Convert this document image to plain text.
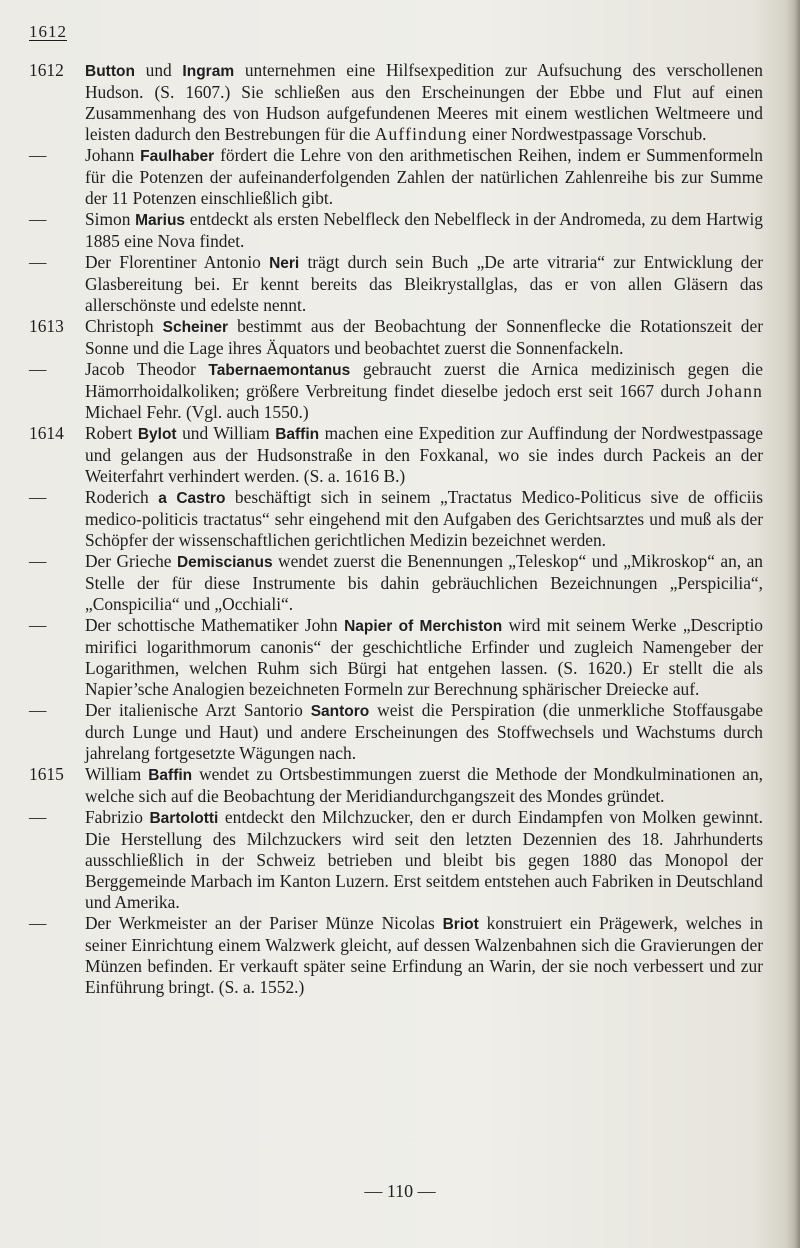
1612
1612	Button und Ingram unternehmen eine Hilfsexpedition zur Aufsuchung des verschollenen Hudson. (S. 1607.) Sie schließen aus den Erscheinungen der Ebbe und Flut auf einen Zusammenhang des von Hudson aufgefundenen Meeres mit einem westlichen Weltmeere und leisten dadurch den Bestrebungen für die Auffindung einer Nordwestpassage Vorschub.
—	Johann Faulhaber fördert die Lehre von den arithmetischen Reihen, indem er Summenformeln für die Potenzen der aufeinanderfolgenden Zahlen der natürlichen Zahlenreihe bis zur Summe der 11 Potenzen einschließlich gibt.
—	Simon Marius entdeckt als ersten Nebelfleck den Nebelfleck in der Andromeda, zu dem Hartwig 1885 eine Nova findet.
—	Der Florentiner Antonio Neri trägt durch sein Buch „De arte vitraria“ zur Entwicklung der Glasbereitung bei. Er kennt bereits das Bleikrystallglas, das er von allen Gläsern das allerschönste und edelste nennt.
1613	Christoph Scheiner bestimmt aus der Beobachtung der Sonnenflecke die Rotationszeit der Sonne und die Lage ihres Äquators und beobachtet zuerst die Sonnenfackeln.
—	Jacob Theodor Tabernaemontanus gebraucht zuerst die Arnica medizinisch gegen die Hämorrhoidalkoliken; größere Verbreitung findet dieselbe jedoch erst seit 1667 durch Johann Michael Fehr. (Vgl. auch 1550.)
1614	Robert Bylot und William Baffin machen eine Expedition zur Auffindung der Nordwestpassage und gelangen aus der Hudsonstraße in den Foxkanal, wo sie indes durch Packeis an der Weiterfahrt verhindert werden. (S. a. 1616 B.)
—	Roderich a Castro beschäftigt sich in seinem „Tractatus Medico-Politicus sive de officiis medico-politicis tractatus“ sehr eingehend mit den Aufgaben des Gerichtsarztes und muß als der Schöpfer der wissenschaftlichen gerichtlichen Medizin bezeichnet werden.
—	Der Grieche Demiscianus wendet zuerst die Benennungen „Teleskop“ und „Mikroskop“ an, an Stelle der für diese Instrumente bis dahin gebräuchlichen Bezeichnungen „Perspicilia“, „Conspicilia“ und „Occhiali“.
—	Der schottische Mathematiker John Napier of Merchiston wird mit seinem Werke „Descriptio mirifici logarithmorum canonis“ der geschichtliche Erfinder und zugleich Namengeber der Logarithmen, welchen Ruhm sich Bürgi hat entgehen lassen. (S. 1620.) Er stellt die als Napier’sche Analogien bezeichneten Formeln zur Berechnung sphärischer Dreiecke auf.
—	Der italienische Arzt Santorio Santoro weist die Perspiration (die unmerkliche Stoffausgabe durch Lunge und Haut) und andere Erscheinungen des Stoffwechsels und Wachstums durch jahrelang fortgesetzte Wägungen nach.
1615	William Baffin wendet zu Ortsbestimmungen zuerst die Methode der Mondkulminationen an, welche sich auf die Beobachtung der Meridiandurchgangszeit des Mondes gründet.
—	Fabrizio Bartolotti entdeckt den Milchzucker, den er durch Eindampfen von Molken gewinnt. Die Herstellung des Milchzuckers wird seit den letzten Dezennien des 18. Jahrhunderts ausschließlich in der Schweiz betrieben und bleibt bis gegen 1880 das Monopol der Berggemeinde Marbach im Kanton Luzern. Erst seitdem entstehen auch Fabriken in Deutschland und Amerika.
—	Der Werkmeister an der Pariser Münze Nicolas Briot konstruiert ein Prägewerk, welches in seiner Einrichtung einem Walzwerk gleicht, auf dessen Walzenbahnen sich die Gravierungen der Münzen befinden. Er verkauft später seine Erfindung an Warin, der sie noch verbessert und zur Einführung bringt. (S. a. 1552.)
— 110 —
